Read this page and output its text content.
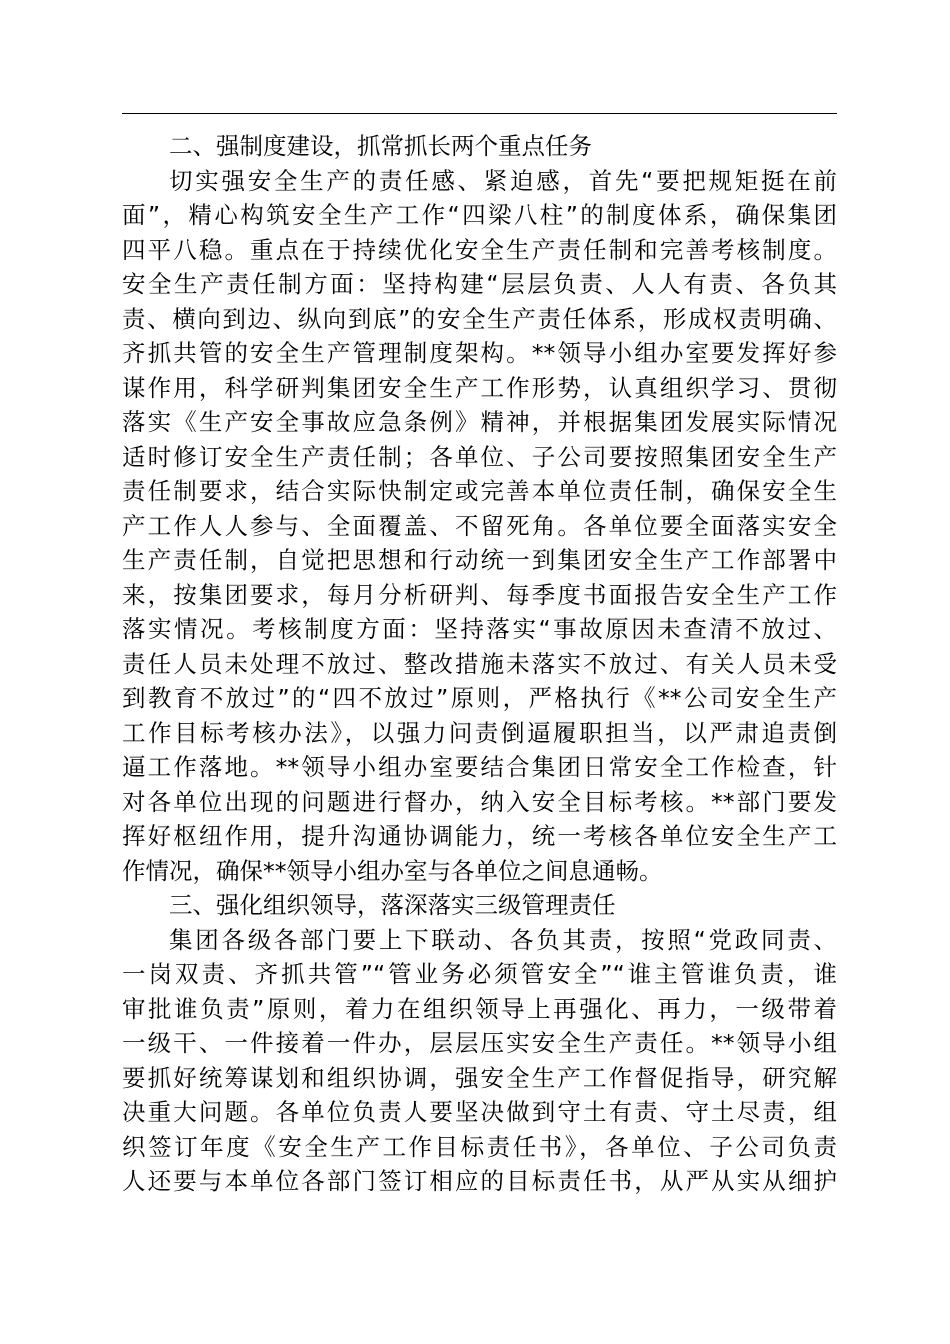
二、强制度建设，抓常抓长两个重点任务
切实强安全生产的责任感、紧迫感，首先“要把规矩挺在前
面”，精心构筑安全生产工作“四梁八柱”的制度体系，确保集团
四平八稳。重点在于持续优化安全生产责任制和完善考核制度。
安全生产责任制方面：坚持构建“层层负责、人人有责、各负其
责、横向到边、纵向到底”的安全生产责任体系，形成权责明确、
齐抓共管的安全生产管理制度架构。**领导小组办室要发挥好参
谋作用，科学研判集团安全生产工作形势，认真组织学习、贯彻
落实《生产安全事故应急条例》精神，并根据集团发展实际情况
适时修订安全生产责任制；各单位、子公司要按照集团安全生产
责任制要求，结合实际快制定或完善本单位责任制，确保安全生
产工作人人参与、全面覆盖、不留死角。各单位要全面落实安全
生产责任制，自觉把思想和行动统一到集团安全生产工作部署中
来，按集团要求，每月分析研判、每季度书面报告安全生产工作
落实情况。考核制度方面：坚持落实“事故原因未查清不放过、
责任人员未处理不放过、整改措施未落实不放过、有关人员未受
到教育不放过”的“四不放过”原则，严格执行《**公司安全生产
工作目标考核办法》，以强力问责倒逼履职担当，以严肃追责倒
逼工作落地。**领导小组办室要结合集团日常安全工作检查，针
对各单位出现的问题进行督办，纳入安全目标考核。**部门要发
挥好枢纽作用，提升沟通协调能力，统一考核各单位安全生产工
作情况，确保**领导小组办室与各单位之间息通畅。
三、强化组织领导，落深落实三级管理责任
集团各级各部门要上下联动、各负其责，按照“党政同责、
一岗双责、齐抓共管”“管业务必须管安全”“谁主管谁负责，谁
审批谁负责”原则，着力在组织领导上再强化、再力，一级带着
一级干、一件接着一件办，层层压实安全生产责任。**领导小组
要抓好统筹谋划和组织协调，强安全生产工作督促指导，研究解
决重大问题。各单位负责人要坚决做到守土有责、守土尽责，组
织签订年度《安全生产工作目标责任书》，各单位、子公司负责
人还要与本单位各部门签订相应的目标责任书，从严从实从细护
